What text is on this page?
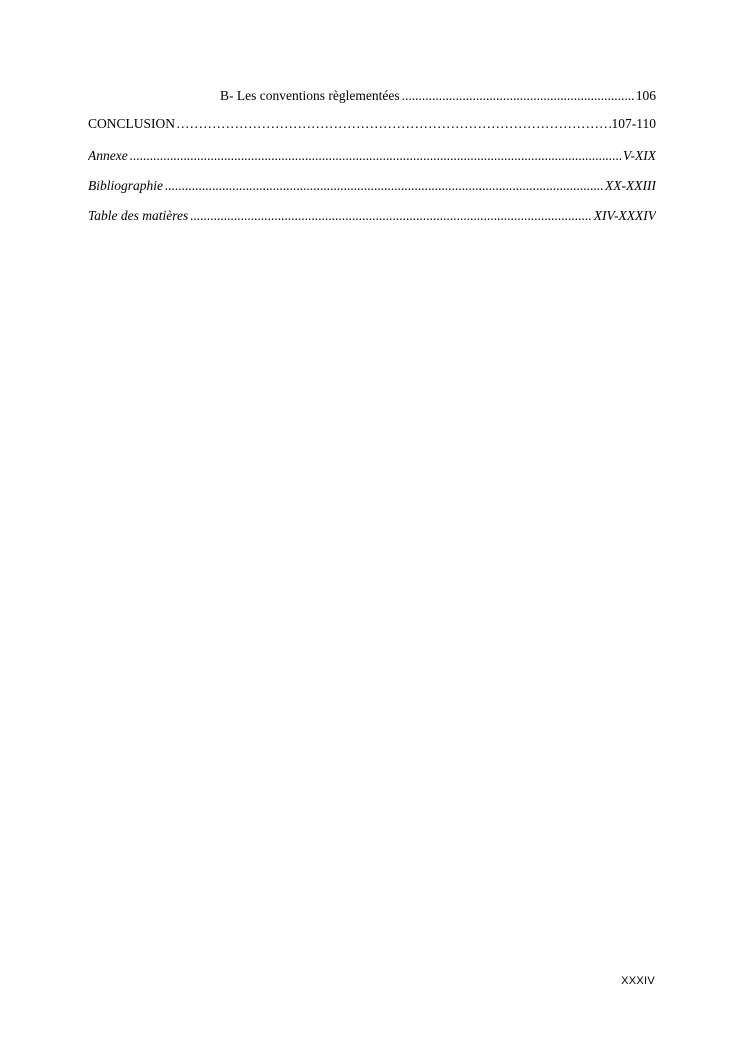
B- Les conventions règlementées .....	106
CONCLUSION ……………………………………………………………………………………………………………………………………………………………………………………	107-110
Annexe .....	V-XIX
Bibliographie .....	XX-XXIII
Table des matières .....	XIV-XXXIV
XXXIV
